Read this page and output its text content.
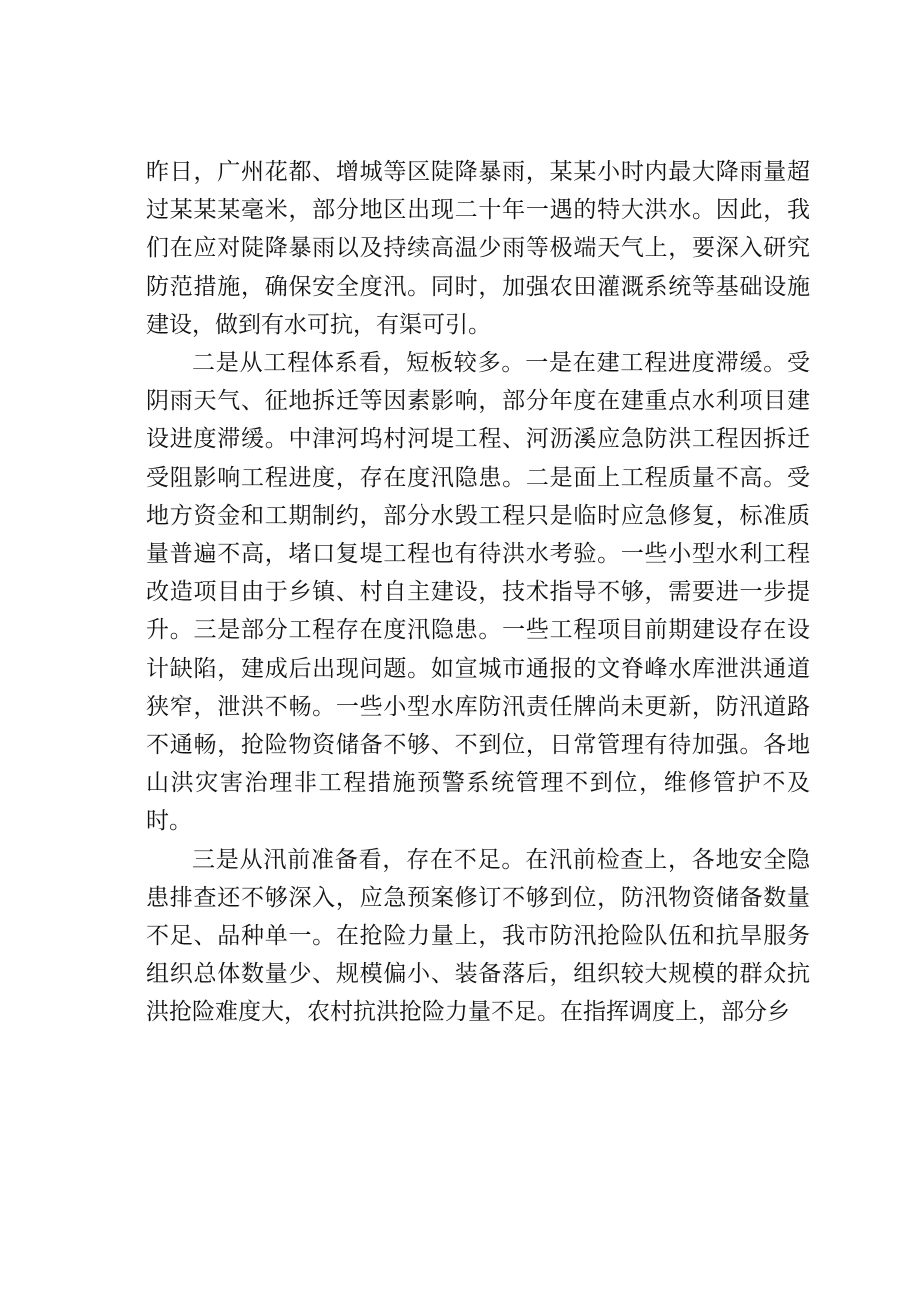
昨日，广州花都、增城等区陡降暴雨，某某小时内最大降雨量超过某某某毫米，部分地区出现二十年一遇的特大洪水。因此，我们在应对陡降暴雨以及持续高温少雨等极端天气上，要深入研究防范措施，确保安全度汛。同时，加强农田灌溉系统等基础设施建设，做到有水可抗，有渠可引。

二是从工程体系看，短板较多。一是在建工程进度滞缓。受阴雨天气、征地拆迁等因素影响，部分年度在建重点水利项目建设进度滞缓。中津河坞村河堤工程、河沥溪应急防洪工程因拆迁受阻影响工程进度，存在度汛隐患。二是面上工程质量不高。受地方资金和工期制约，部分水毁工程只是临时应急修复，标准质量普遍不高，堵口复堤工程也有待洪水考验。一些小型水利工程改造项目由于乡镇、村自主建设，技术指导不够，需要进一步提升。三是部分工程存在度汛隐患。一些工程项目前期建设存在设计缺陷，建成后出现问题。如宣城市通报的文脊峰水库泄洪通道狭窄，泄洪不畅。一些小型水库防汛责任牌尚未更新，防汛道路不通畅，抢险物资储备不够、不到位，日常管理有待加强。各地山洪灾害治理非工程措施预警系统管理不到位，维修管护不及时。

三是从汛前准备看，存在不足。在汛前检查上，各地安全隐患排查还不够深入，应急预案修订不够到位，防汛物资储备数量不足、品种单一。在抢险力量上，我市防汛抢险队伍和抗旱服务组织总体数量少、规模偏小、装备落后，组织较大规模的群众抗洪抢险难度大，农村抗洪抢险力量不足。在指挥调度上，部分乡
